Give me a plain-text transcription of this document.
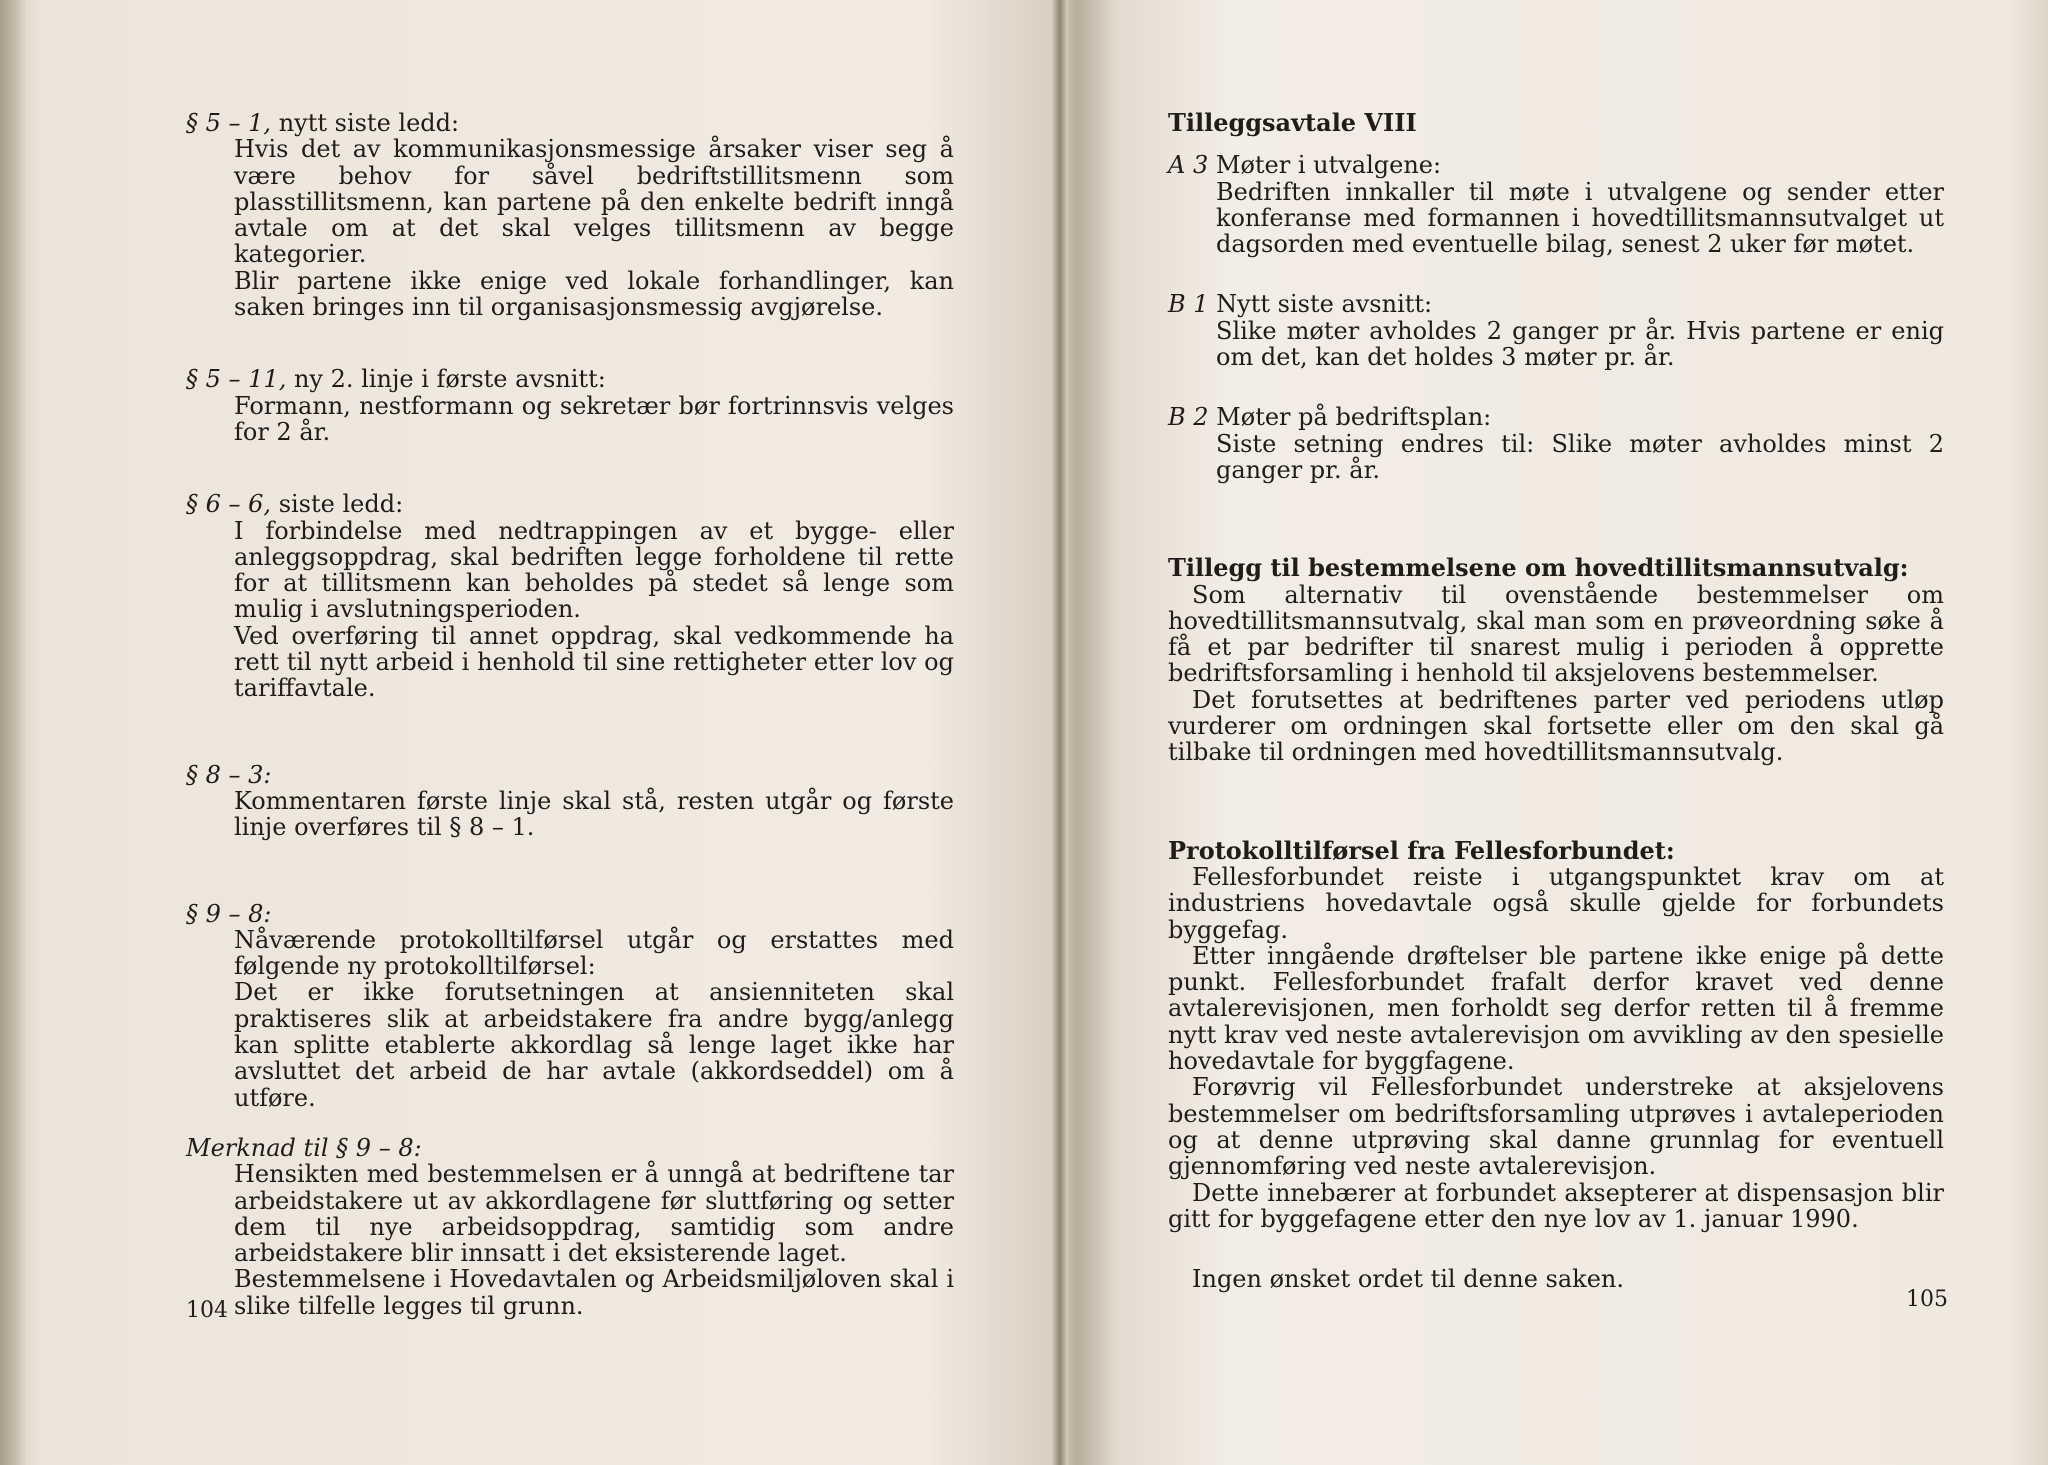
§ 5 – 1, nytt siste ledd:

Hvis det av kommunikasjonsmessige årsaker viser seg å være behov for såvel bedriftstillitsmenn som plasstillitsmenn, kan partene på den enkelte bedrift inngå avtale om at det skal velges tillitsmenn av begge kategorier.

Blir partene ikke enige ved lokale forhandlinger, kan saken bringes inn til organisasjonsmessig avgjørelse.

§ 5 – 11, ny 2. linje i første avsnitt:

Formann, nestformann og sekretær bør fortrinnsvis velges for 2 år.

§ 6 – 6, siste ledd:

I forbindelse med nedtrappingen av et bygge- eller anleggsoppdrag, skal bedriften legge forholdene til rette for at tillitsmenn kan beholdes på stedet så lenge som mulig i avslutningsperioden.

Ved overføring til annet oppdrag, skal vedkommende ha rett til nytt arbeid i henhold til sine rettigheter etter lov og tariffavtale.

§ 8 – 3:

Kommentaren første linje skal stå, resten utgår og første linje overføres til § 8 – 1.

§ 9 – 8:

Nåværende protokolltilførsel utgår og erstattes med følgende ny protokolltilførsel:

Det er ikke forutsetningen at ansienniteten skal praktiseres slik at arbeidstakere fra andre bygg/anlegg kan splitte etablerte akkordlag så lenge laget ikke har avsluttet det arbeid de har avtale (akkordseddel) om å utføre.

Merknad til § 9 – 8:

Hensikten med bestemmelsen er å unngå at bedriftene tar arbeidstakere ut av akkordlagene før sluttføring og setter dem til nye arbeidsoppdrag, samtidig som andre arbeidstakere blir innsatt i det eksisterende laget.

Bestemmelsene i Hovedavtalen og Arbeidsmiljøloven skal i slike tilfelle legges til grunn.

104

Tilleggsavtale VIII

A 3 Møter i utvalgene:

Bedriften innkaller til møte i utvalgene og sender etter konferanse med formannen i hovedtillitsmannsutvalget ut dagsorden med eventuelle bilag, senest 2 uker før møtet.

B 1 Nytt siste avsnitt:

Slike møter avholdes 2 ganger pr år. Hvis partene er enig om det, kan det holdes 3 møter pr. år.

B 2 Møter på bedriftsplan:

Siste setning endres til: Slike møter avholdes minst 2 ganger pr. år.

Tillegg til bestemmelsene om hovedtillitsmannsutvalg:

Som alternativ til ovenstående bestemmelser om hovedtillitsmannsutvalg, skal man som en prøveordning søke å få et par bedrifter til snarest mulig i perioden å opprette bedriftsforsamling i henhold til aksjelovens bestemmelser.

Det forutsettes at bedriftenes parter ved periodens utløp vurderer om ordningen skal fortsette eller om den skal gå tilbake til ordningen med hovedtillitsmannsutvalg.

Protokolltilførsel fra Fellesforbundet:

Fellesforbundet reiste i utgangspunktet krav om at industriens hovedavtale også skulle gjelde for forbundets byggefag.

Etter inngående drøftelser ble partene ikke enige på dette punkt. Fellesforbundet frafalt derfor kravet ved denne avtalerevisjonen, men forholdt seg derfor retten til å fremme nytt krav ved neste avtalerevisjon om avvikling av den spesielle hovedavtale for byggfagene.

Forøvrig vil Fellesforbundet understreke at aksjelovens bestemmelser om bedriftsforsamling utprøves i avtaleperioden og at denne utprøving skal danne grunnlag for eventuell gjennomføring ved neste avtalerevisjon.

Dette innebærer at forbundet aksepterer at dispensasjon blir gitt for byggefagene etter den nye lov av 1. januar 1990.

Ingen ønsket ordet til denne saken.

105
